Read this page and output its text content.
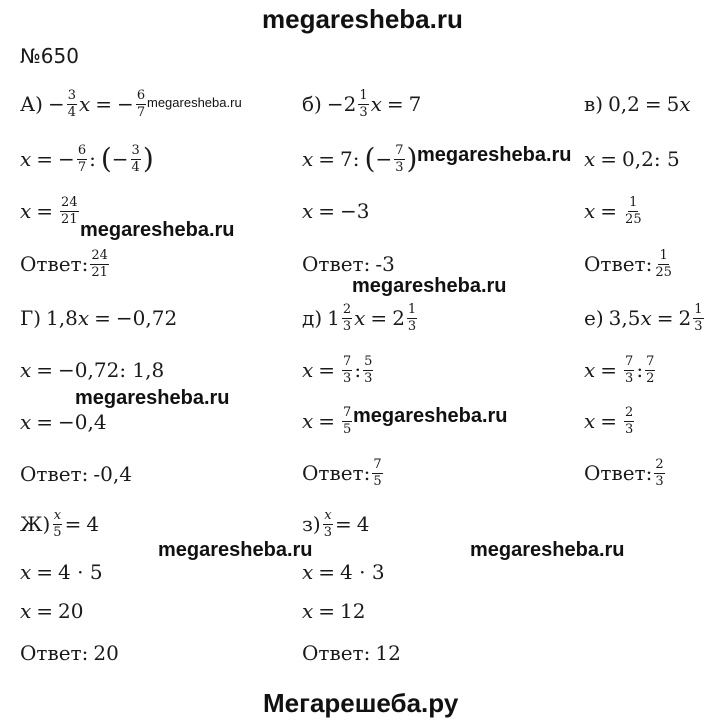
megaresheba.ru
№650
Мегарешеба.ру
megaresheba.ru
megaresheba.ru
megaresheba.ru
megaresheba.ru
megaresheba.ru
megaresheba.ru
megaresheba.ru	megaresheba.ru
$А) - \frac{3}{4}$ x = − $\frac{6}{7}$
x = − $\frac{6}{7}$ : ( − $\frac{3}{4}$ )
$x = \frac{24}{21}$
Ответ: $\frac{24}{21}$
Г) 1,8 x = −0,72
x = −0,72: 1,8
x = −0,4
Ответ: -0,4
$Ж) \frac{x}{5} = 4$
x = 4 · 5
x = 20
Ответ: 20
$б) - 2 \frac{1}{3}$ x = 7
x = 7 : ( − $\frac{7}{3}$ )
x = −3
Ответ: -3
д) $1 \frac{2}{3}$ $x = 2 \frac{1}{3}$
$x = \frac{7}{3}$ : $\frac{5}{3}$
$x = \frac{7}{5}$
Ответ: $\frac{7}{5}$
$з) \frac{x}{3} = 4$
x = 4 · 3
x = 12
Ответ: 12
в) 0,2 = 5 x
x = 0,2: 5
$x = \frac{1}{25}$
Ответ: $\frac{1}{25}$
е) 3,5 $x = 2 \frac{1}{3}$
$x = \frac{7}{3}$ : $\frac{7}{2}$
$x = \frac{2}{3}$
Ответ: $\frac{2}{3}$
